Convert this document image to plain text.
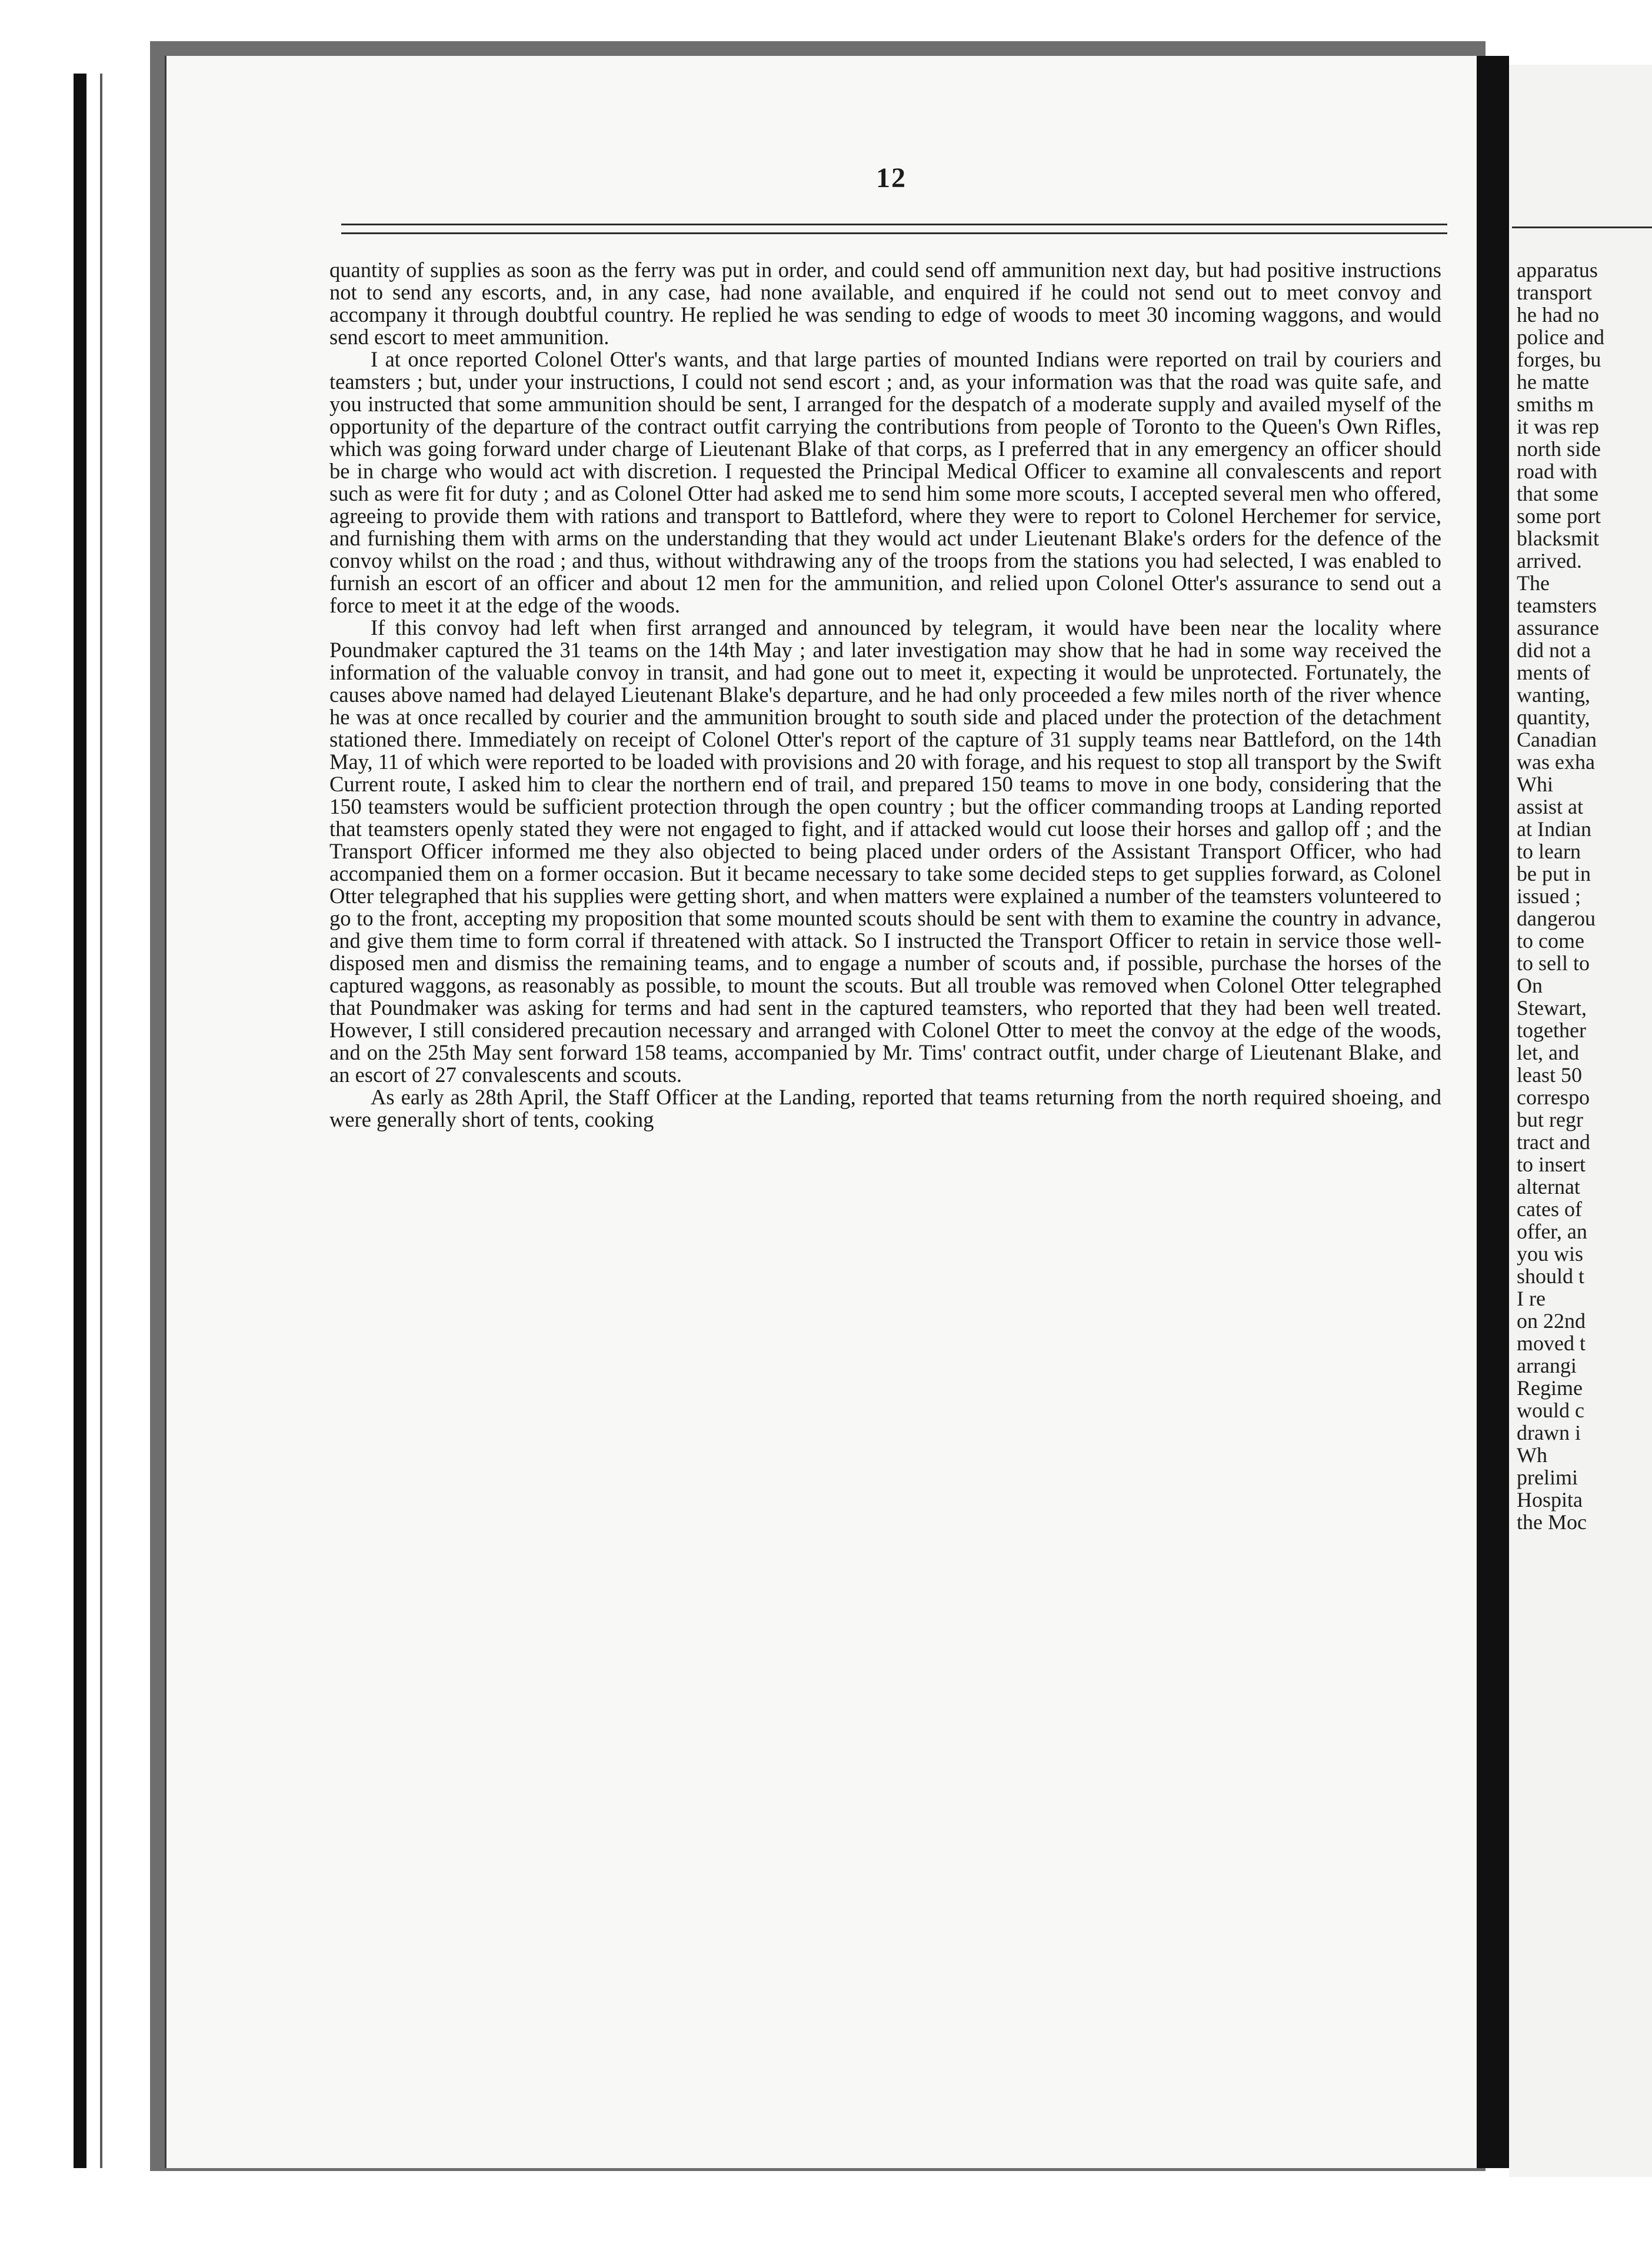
12

quantity of supplies as soon as the ferry was put in order, and could send off ammunition next day, but had positive instructions not to send any escorts, and, in any case, had none available, and enquired if he could not send out to meet convoy and accompany it through doubtful country. He replied he was sending to edge of woods to meet 30 incoming waggons, and would send escort to meet ammunition.

I at once reported Colonel Otter's wants, and that large parties of mounted Indians were reported on trail by couriers and teamsters ; but, under your instructions, I could not send escort ; and, as your information was that the road was quite safe, and you instructed that some ammunition should be sent, I arranged for the despatch of a moderate supply and availed myself of the opportunity of the departure of the contract outfit carrying the contributions from people of Toronto to the Queen's Own Rifles, which was going forward under charge of Lieutenant Blake of that corps, as I preferred that in any emergency an officer should be in charge who would act with discretion. I requested the Principal Medical Officer to examine all convalescents and report such as were fit for duty ; and as Colonel Otter had asked me to send him some more scouts, I accepted several men who offered, agreeing to provide them with rations and transport to Battleford, where they were to report to Colonel Herchemer for service, and furnishing them with arms on the understanding that they would act under Lieutenant Blake's orders for the defence of the convoy whilst on the road ; and thus, without withdrawing any of the troops from the stations you had selected, I was enabled to furnish an escort of an officer and about 12 men for the ammunition, and relied upon Colonel Otter's assurance to send out a force to meet it at the edge of the woods.

If this convoy had left when first arranged and announced by telegram, it would have been near the locality where Poundmaker captured the 31 teams on the 14th May ; and later investigation may show that he had in some way received the information of the valuable convoy in transit, and had gone out to meet it, expecting it would be unprotected. Fortunately, the causes above named had delayed Lieutenant Blake's departure, and he had only proceeded a few miles north of the river whence he was at once recalled by courier and the ammunition brought to south side and placed under the protection of the detachment stationed there. Immediately on receipt of Colonel Otter's report of the capture of 31 supply teams near Battleford, on the 14th May, 11 of which were reported to be loaded with provisions and 20 with forage, and his request to stop all transport by the Swift Current route, I asked him to clear the northern end of trail, and prepared 150 teams to move in one body, considering that the 150 teamsters would be sufficient protection through the open country ; but the officer commanding troops at Landing reported that teamsters openly stated they were not engaged to fight, and if attacked would cut loose their horses and gallop off ; and the Transport Officer informed me they also objected to being placed under orders of the Assistant Transport Officer, who had accompanied them on a former occasion. But it became necessary to take some decided steps to get supplies forward, as Colonel Otter telegraphed that his supplies were getting short, and when matters were explained a number of the teamsters volunteered to go to the front, accepting my proposition that some mounted scouts should be sent with them to examine the country in advance, and give them time to form corral if threatened with attack. So I instructed the Transport Officer to retain in service those well-disposed men and dismiss the remaining teams, and to engage a number of scouts and, if possible, purchase the horses of the captured waggons, as reasonably as possible, to mount the scouts. But all trouble was removed when Colonel Otter telegraphed that Poundmaker was asking for terms and had sent in the captured teamsters, who reported that they had been well treated. However, I still considered precaution necessary and arranged with Colonel Otter to meet the convoy at the edge of the woods, and on the 25th May sent forward 158 teams, accompanied by Mr. Tims' contract outfit, under charge of Lieutenant Blake, and an escort of 27 convalescents and scouts.

As early as 28th April, the Staff Officer at the Landing, reported that teams returning from the north required shoeing, and were generally short of tents, cooking

apparatus
transport
he had no
police and
forges, bu
he matte
smiths m
it was rep
north side
road with
that some
some port
blacksmit
arrived.
The
teamsters
assurance
did not a
ments of
wanting,
quantity,
Canadian
was exha
Whi
assist at
at Indian
to learn
be put in
issued ;
dangerou
to come
to sell to
On
Stewart,
together
let, and
least 50
correspo
but regr
tract and
to insert
alternat
cates of
offer, an
you wis
should t
I re
on 22nd
moved t
arrangi
Regime
would c
drawn i
Wh
prelimi
Hospita
the Moc
